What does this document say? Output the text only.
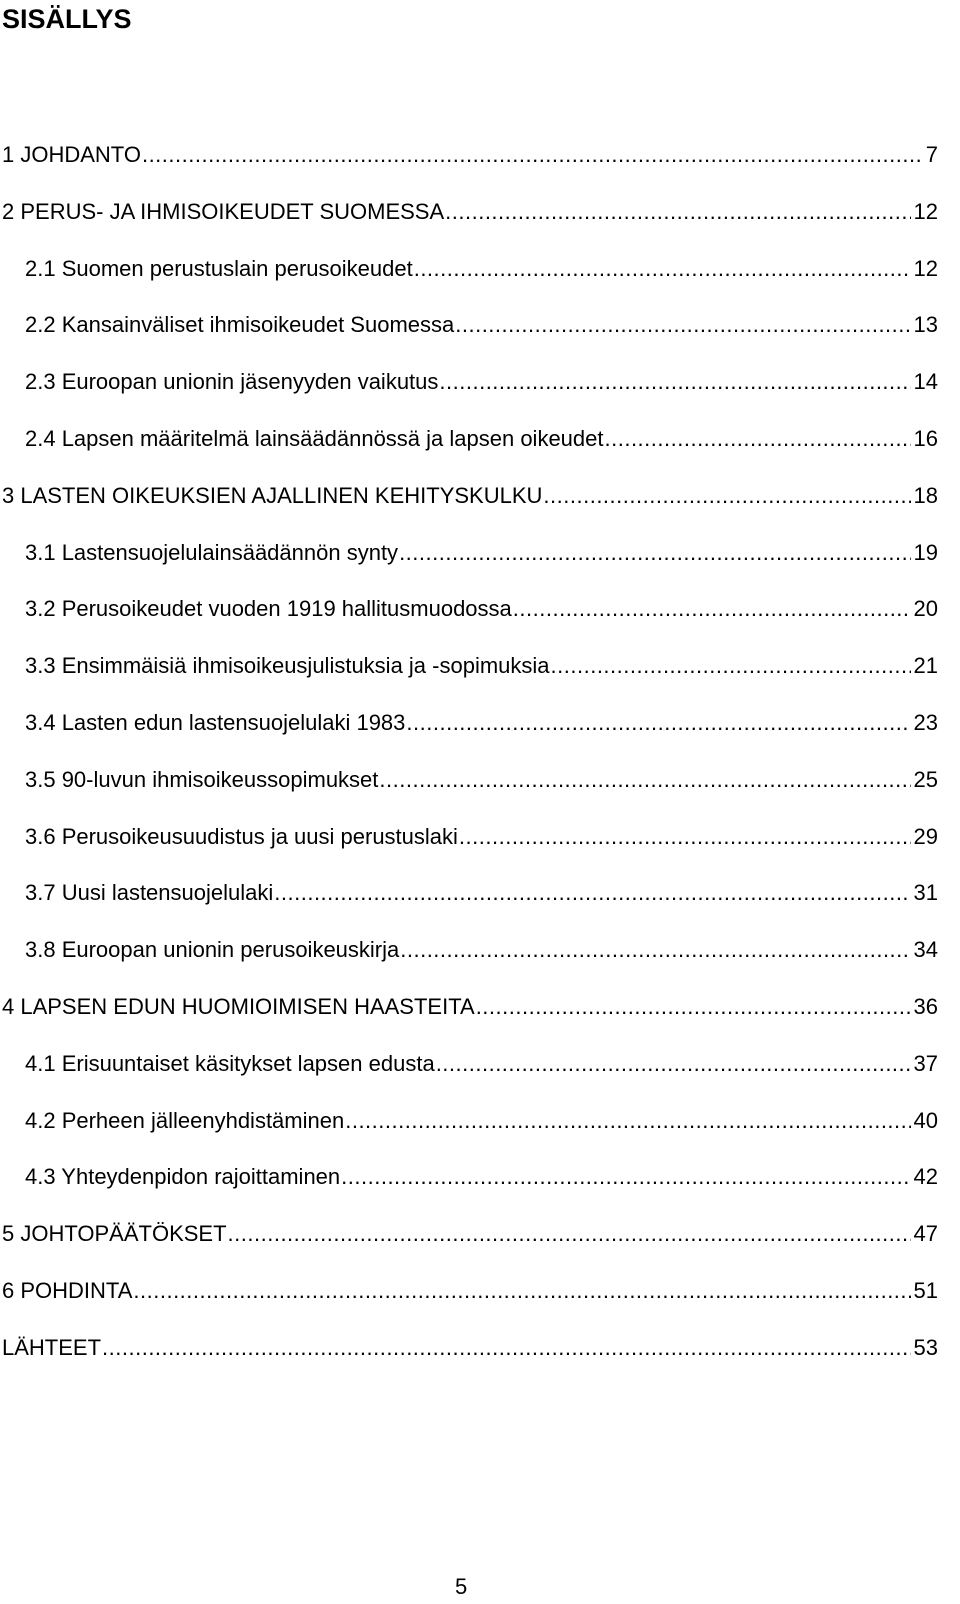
SISÄLLYS
1 JOHDANTO .....	7
2 PERUS- JA IHMISOIKEUDET SUOMESSA .....	12
2.1 Suomen perustuslain perusoikeudet .....	12
2.2 Kansainväliset ihmisoikeudet Suomessa .....	13
2.3 Euroopan unionin jäsenyyden vaikutus .....	14
2.4 Lapsen määritelmä lainsäädännössä ja lapsen oikeudet .....	16
3 LASTEN OIKEUKSIEN AJALLINEN KEHITYSKULKU .....	18
3.1 Lastensuojelulainsäädännön synty .....	19
3.2 Perusoikeudet vuoden 1919 hallitusmuodossa .....	20
3.3 Ensimmäisiä ihmisoikeusjulistuksia ja -sopimuksia .....	21
3.4 Lasten edun lastensuojelulaki 1983 .....	23
3.5 90-luvun ihmisoikeussopimukset .....	25
3.6 Perusoikeusuudistus ja uusi perustuslaki .....	29
3.7 Uusi lastensuojelulaki .....	31
3.8 Euroopan unionin perusoikeuskirja .....	34
4 LAPSEN EDUN HUOMIOIMISEN HAASTEITA .....	36
4.1 Erisuuntaiset käsitykset lapsen edusta .....	37
4.2 Perheen jälleenyhdistäminen .....	40
4.3 Yhteydenpidon rajoittaminen .....	42
5 JOHTOPÄÄTÖKSET .....	47
6 POHDINTA .....	51
LÄHTEET .....	53
5
